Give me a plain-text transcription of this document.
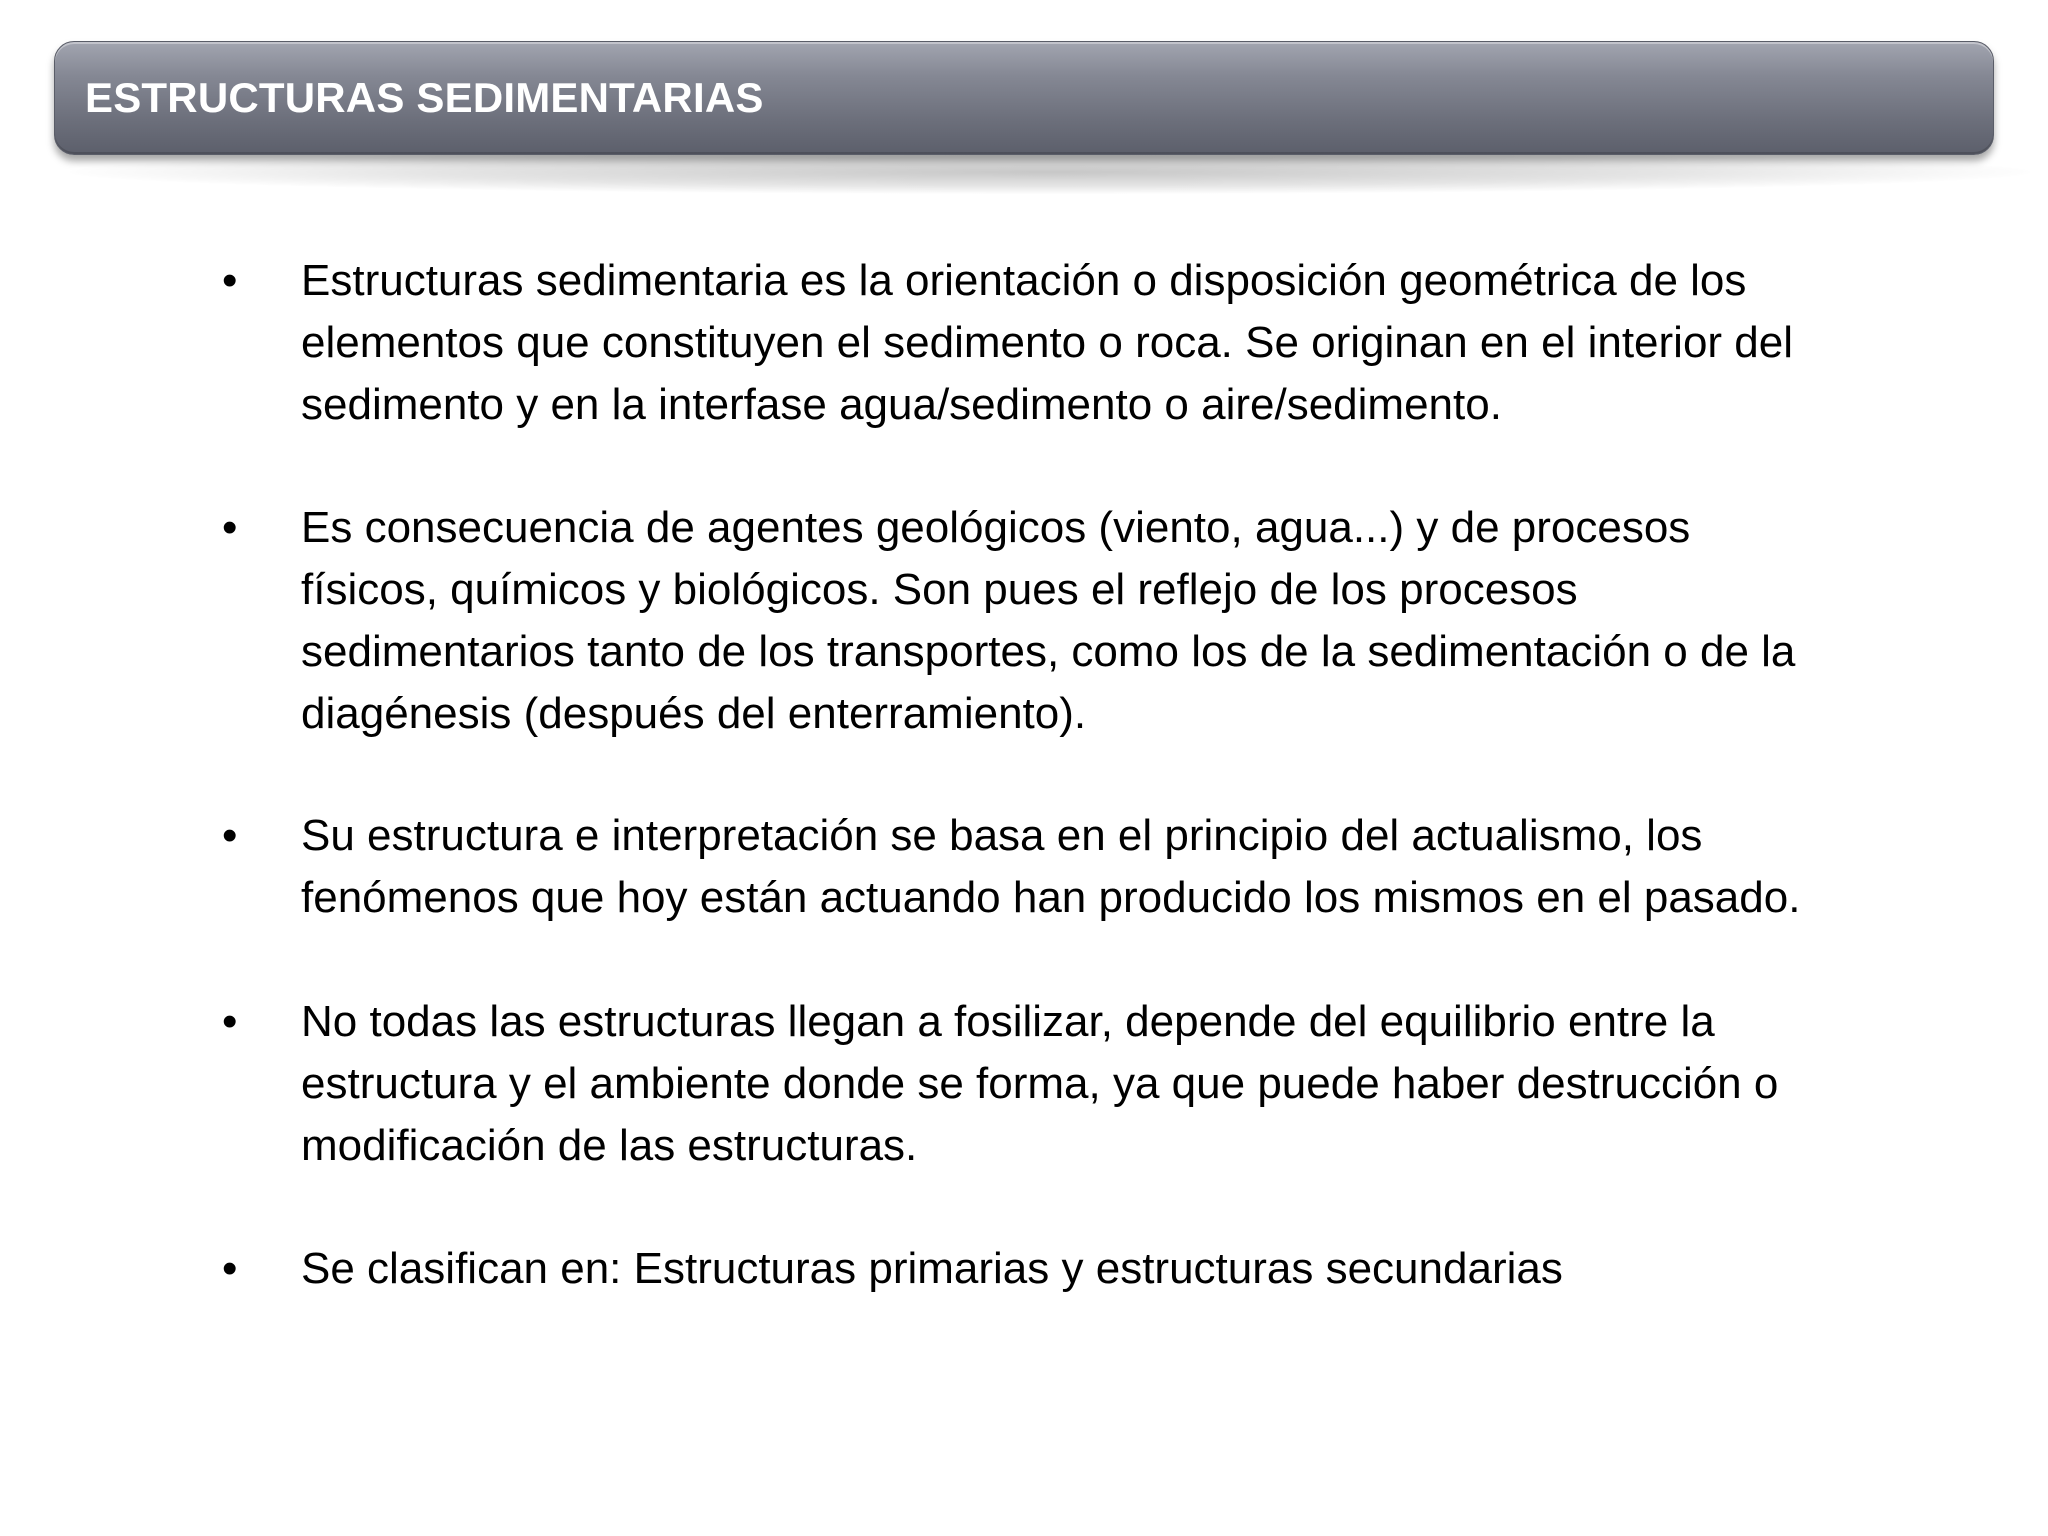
ESTRUCTURAS SEDIMENTARIAS
• Estructuras sedimentaria es la orientación o disposición geométrica de los
elementos que constituyen el sedimento o roca. Se originan en el interior del
sedimento y en la interfase agua/sedimento o aire/sedimento.
• Es consecuencia de agentes geológicos (viento, agua...) y de procesos
físicos, químicos y biológicos. Son pues el reflejo de los procesos
sedimentarios tanto de los transportes, como los de la sedimentación o de la
diagénesis (después del enterramiento).
• Su estructura e interpretación se basa en el principio del actualismo, los
fenómenos que hoy están actuando han producido los mismos en el pasado.
• No todas las estructuras llegan a fosilizar, depende del equilibrio entre la
estructura y el ambiente donde se forma, ya que puede haber destrucción o
modificación de las estructuras.
• Se clasifican en: Estructuras primarias y estructuras secundarias
